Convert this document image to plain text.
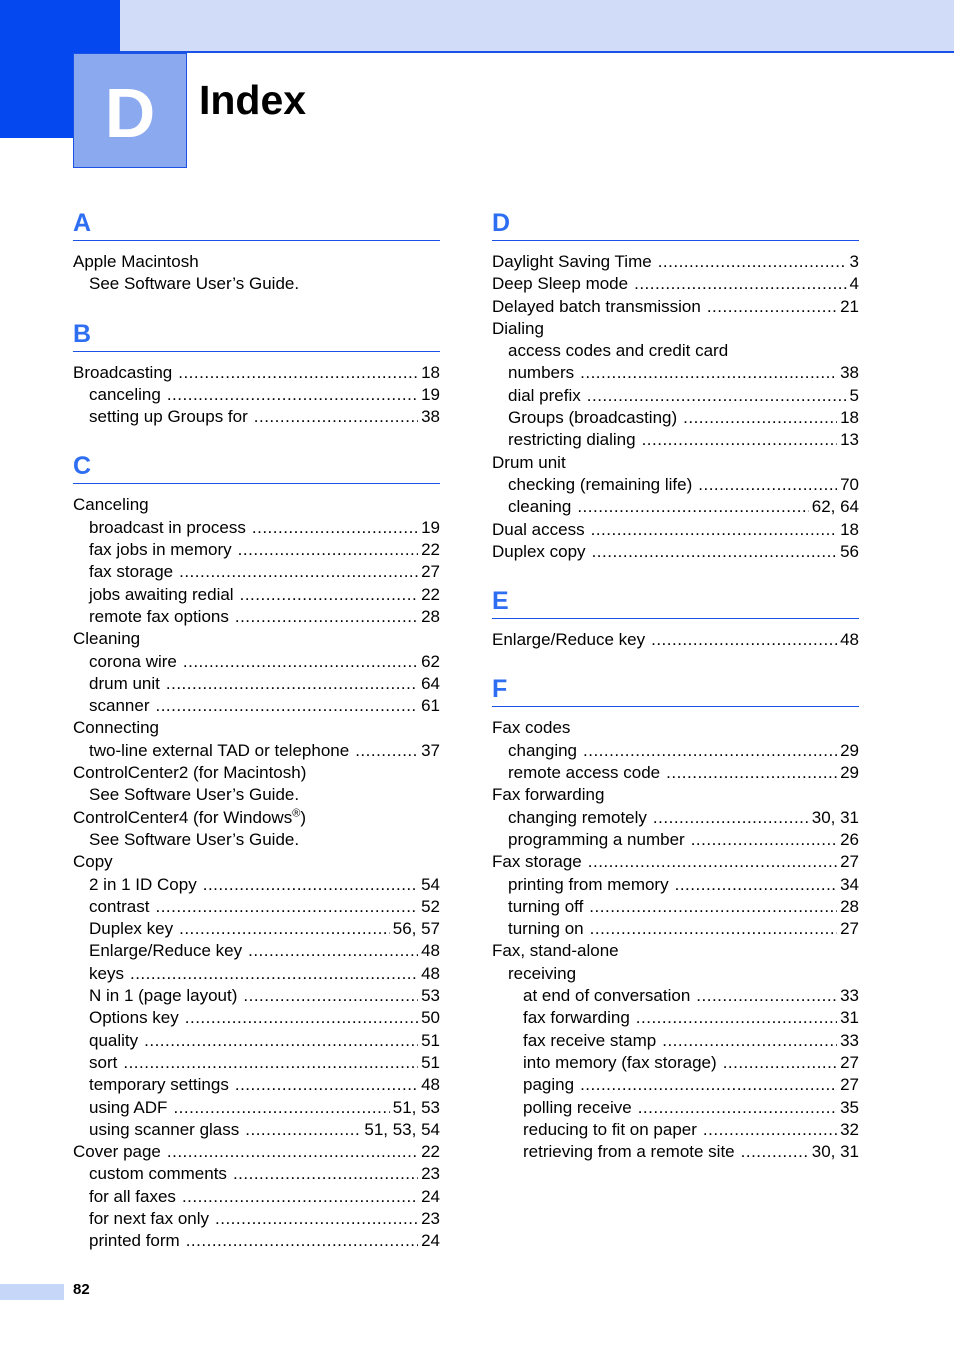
D Index
A
Apple Macintosh
See Software User’s Guide.
B
Broadcasting .....	18
canceling .....	19
setting up Groups for .....	38
C
Canceling
broadcast in process .....	19
fax jobs in memory .....	22
fax storage .....	27
jobs awaiting redial .....	22
remote fax options .....	28
Cleaning
corona wire .....	62
drum unit .....	64
scanner .....	61
Connecting
two-line external TAD or telephone .....	37
ControlCenter2 (for Macintosh)
See Software User’s Guide.
ControlCenter4 (for Windows®)
See Software User’s Guide.
Copy
2 in 1 ID Copy .....	54
contrast .....	52
Duplex key .....	56, 57
Enlarge/Reduce key .....	48
keys .....	48
N in 1 (page layout) .....	53
Options key .....	50
quality .....	51
sort .....	51
temporary settings .....	48
using ADF .....	51, 53
using scanner glass .....	51, 53, 54
Cover page .....	22
custom comments .....	23
for all faxes .....	24
for next fax only .....	23
printed form .....	24
D
Daylight Saving Time .....	3
Deep Sleep mode .....	4
Delayed batch transmission .....	21
Dialing
access codes and credit card
numbers .....	38
dial prefix .....	5
Groups (broadcasting) .....	18
restricting dialing .....	13
Drum unit
checking (remaining life) .....	70
cleaning .....	62, 64
Dual access .....	18
Duplex copy .....	56
E
Enlarge/Reduce key .....	48
F
Fax codes
changing .....	29
remote access code .....	29
Fax forwarding
changing remotely .....	30, 31
programming a number .....	26
Fax storage .....	27
printing from memory .....	34
turning off .....	28
turning on .....	27
Fax, stand-alone
receiving
at end of conversation .....	33
fax forwarding .....	31
fax receive stamp .....	33
into memory (fax storage) .....	27
paging .....	27
polling receive .....	35
reducing to fit on paper .....	32
retrieving from a remote site .....	30, 31
82
